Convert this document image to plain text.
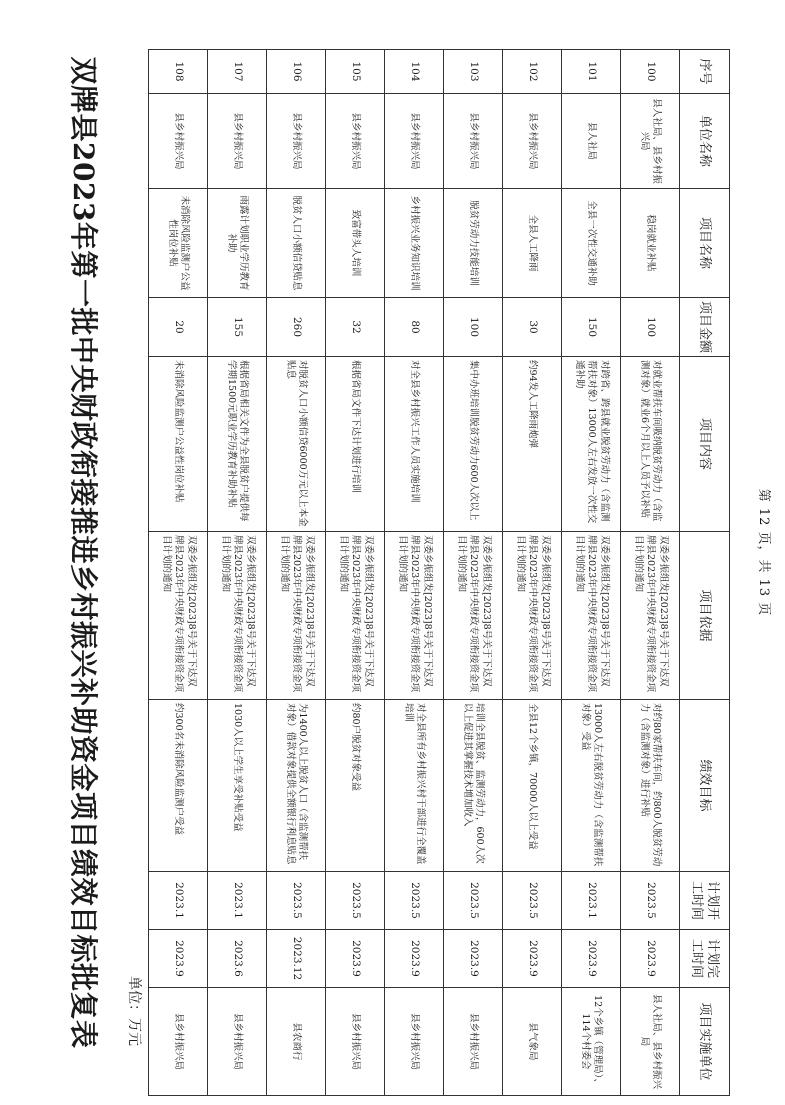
双牌县2023年第一批中央财政衔接推进乡村振兴补助资金项目绩效目标批复表	单位：万元
序号	单位名称	项目名称	项目金额	项目内容	项目依据	绩效目标	计划开工时间	计划完工时间	项目实施单位
100	县人社局、县乡村振兴局	稳岗就业补贴	100	对就业帮扶车间吸纳脱贫劳动力（含监测对象）就业6个月以上人员予以补贴	双委乡振组发[2023]8号关于下达双牌县2023年中央财政专项衔接资金项目计划的通知	对约80家帮扶车间，约800人脱贫劳动力（含监测对象）进行补贴	2023.5	2023.9	县人社局、县乡村振兴局
101	县人社局	全县一次性交通补助	150	对跨省、跨县就业脱贫劳动力（含监测帮扶对象）13000人左右发放一次性交通补助	双委乡振组发[2023]8号关于下达双牌县2023年中央财政专项衔接资金项目计划的通知	13000人左右脱贫劳动力（含监测帮扶对象）受益	2023.1	2023.9	12个乡镇（管理局）、114个村委会
102	县乡村振兴局	全县人工降雨	30	约94发人工降雨炮弹	双委乡振组发[2023]8号关于下达双牌县2023年中央财政专项衔接资金项目计划的通知	全县12个乡镇，70000人以上受益	2023.5	2023.9	县气象局
103	县乡村振兴局	脱贫劳动力技能培训	100	集中办班培训脱贫劳动力600人次以上	双委乡振组发[2023]8号关于下达双牌县2023年中央财政专项衔接资金项目计划的通知	培训全县脱贫、监测劳动力，600人次以上促进其掌握技术增加收入	2023.5	2023.9	县乡村振兴局
104	县乡村振兴局	乡村振兴业务知识培训	80	对全县乡村振兴工作人员实施培训	双委乡振组发[2023]8号关于下达双牌县2023年中央财政专项衔接资金项目计划的通知	对全县所有乡村振兴村干部进行全覆盖培训	2023.5	2023.9	县乡村振兴局
105	县乡村振兴局	致富带头人培训	32	根据省局文件下达计划进行培训	双委乡振组发[2023]8号关于下达双牌县2023年中央财政专项衔接资金项目计划的通知	约80户脱贫对象受益	2023.5	2023.9	县乡村振兴局
106	县乡村振兴局	脱贫人口小额信贷贴息	260	对脱贫人口小额信贷6000万元以上本金贴息	双委乡振组发[2023]8号关于下达双牌县2023年中央财政专项衔接资金项目计划的通知	为1400人以上脱贫人口（含监测帮扶对象）借款对象提供全额银行利息贴息	2023.5	2023.12	县农商行
107	县乡村振兴局	雨露计划职业学历教育补助	155	根据省局相关文件为全县脱贫户提供每学期1500元职业学历教育补助补贴	双委乡振组发[2023]8号关于下达双牌县2023年中央财政专项衔接资金项目计划的通知	1030人以上学生享受补贴受益	2023.1	2023.6	县乡村振兴局
108	县乡村振兴局	未消除风险监测户公益性岗位补贴	20	未消除风险监测户公益性岗位补贴	双委乡振组发[2023]8号关于下达双牌县2023年中央财政专项衔接资金项目计划的通知	约300名未消除风险监测户受益	2023.1	2023.9	县乡村振兴局
第 12 页，共 13 页
